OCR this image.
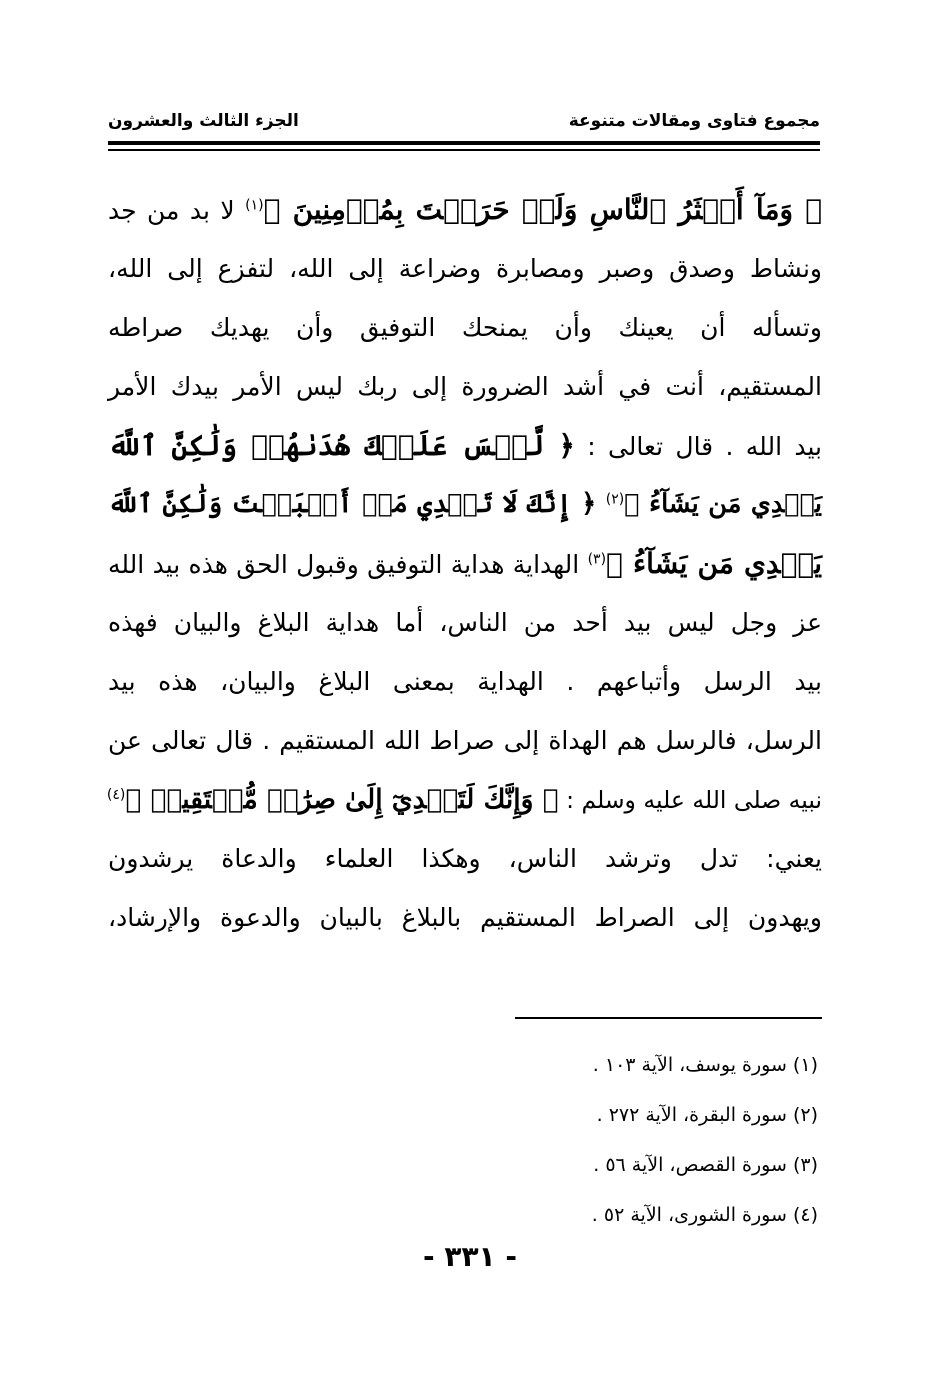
مجموع فتاوى ومقالات متنوعة
الجزء الثالث والعشرون
﴿ وَمَآ أَكۡثَرُ ٱلنَّاسِ وَلَوۡ حَرَصۡتَ بِمُؤۡمِنِينَ ﴾$^{(١)}$ لا بد من جد
ونشاط وصدق وصبر ومصابرة وضراعة إلى الله، لتفزع إلى الله،
وتسأله أن يعينك وأن يمنحك التوفيق وأن يهديك صراطه
المستقيم، أنت في أشد الضرورة إلى ربك ليس الأمر بيدك الأمر
بيد الله . قال تعالى : ﴿ لَّيۡسَ عَلَيۡكَ هُدَىٰهُمۡ وَلَٰكِنَّ ٱللَّهَ
يَهۡدِي مَن يَشَآءُ ﴾$^{(٢)}$ ﴿ إِنَّكَ لَا تَهۡدِي مَنۡ أَحۡبَبۡتَ وَلَٰكِنَّ ٱللَّهَ
يَهۡدِي مَن يَشَآءُ ﴾$^{(٣)}$ الهداية هداية التوفيق وقبول الحق هذه بيد الله
عز وجل ليس بيد أحد من الناس، أما هداية البلاغ والبيان فهذه
بيد الرسل وأتباعهم . الهداية بمعنى البلاغ والبيان، هذه بيد
الرسل، فالرسل هم الهداة إلى صراط الله المستقيم . قال تعالى عن
نبيه صلى الله عليه وسلم : ﴿ وَإِنَّكَ لَتَهۡدِيٓ إِلَىٰ صِرَٰطٖ مُّسۡتَقِيمٖ ﴾$^{(٤)}$
يعني: تدل وترشد الناس، وهكذا العلماء والدعاة يرشدون
ويهدون إلى الصراط المستقيم بالبلاغ بالبيان والدعوة والإرشاد،
(١) سورة يوسف، الآية ١٠٣ .
(٢) سورة البقرة، الآية ٢٧٢ .
(٣) سورة القصص، الآية ٥٦ .
(٤) سورة الشورى، الآية ٥٢ .
- ٣٣١ -
